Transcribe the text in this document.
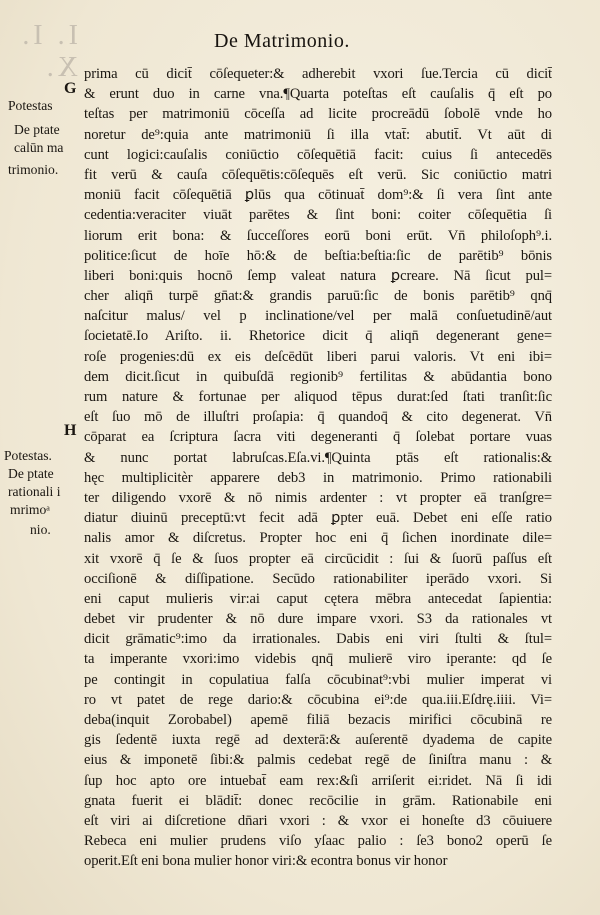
I. I. X.
De Matrimonio.
G
H
Potestas
De ptate
calūn ma
trimonio.
Potestas.
De ptate
rationali i
mrimoᵃ
nio.
prima cū dicit̄ cōſequeter:& adherebit vxori ſue.Tercia cū dicit̄
& erunt duo in carne vna.¶Quarta poteſtas eſt cauſalis q̄ eſt po
teſtas per matrimoniū cōceſſa ad licite procreādū ſobolē vnde ho
noretur de⁹:quia ante matrimoniū ſi illa vtat̄: abutit̄. Vt aūt di
cunt logici:cauſalis coniūctio cōſequētiā facit: cuius ſi antecedēs
fit verū & cauſa cōſequētis:cōſequēs eſt verū. Sic coniūctio matri
moniū facit cōſequētiā ꝑlūs qua cōtinuat̄ dom⁹:& ſi vera ſint ante
cedentia:veraciter viuāt parētes & ſint boni: coiter cōſequētia ſi
liorum erit bona: & ſucceſſores eorū boni erūt. Vn̄ philoſoph⁹.i.
politice:ſicut de hoīe hō:& de beſtia:beſtia:ſic de parētib⁹ bōnis
liberi boni:quis hocnō ſemp valeat natura ꝑcreare. Nā ſicut pul=
cher aliqn̄ turpē gn̄at:& grandis paruū:ſic de bonis parētib⁹ qnq̄
naſcitur malus/ vel p inclinatione/vel per malā conſuetudinē/aut
ſocietatē.Io Ariſto. ii. Rhetorice dicit q̄ aliqn̄ degenerant gene=
roſe progenies:dū ex eis deſcēdūt liberi parui valoris. Vt eni ibi=
dem dicit.ſicut in quibuſdā regionib⁹ fertilitas & abūdantia bono
rum nature & fortunae per aliquod tēpus durat:ſed ſtati tranſit:ſic
eſt ſuo mō de illuſtri proſapia: q̄ quandoq̄ & cito degenerat. Vn̄
cōparat ea ſcriptura ſacra viti degeneranti q̄ ſolebat portare vuas
& nunc portat labruſcas.Eſa.vi.¶Quinta ptās eſt rationalis:&
hęc multiplicitèr apparere deb3 in matrimonio. Primo rationabili
ter diligendo vxorē & nō nimis ardenter : vt propter eā tranſgre=
diatur diuinū preceptū:vt fecit adā ꝑpter euā. Debet eni eſſe ratio
nalis amor & diſcretus. Propter hoc eni q̄ ſichen inordinate dile=
xit vxorē q̄ ſe & ſuos propter eā circūcidit : ſui & ſuorū paſſus eſt
occiſionē & diſſipatione. Secūdo rationabiliter iperādo vxori. Si
eni caput mulieris vir:ai caput cętera mēbra antecedat ſapientia:
debet vir prudenter & nō dure impare vxori. S3 da rationales vt
dicit grāmatic⁹:imo da irrationales. Dabis eni viri ſtulti & ſtul=
ta imperante vxori:imo videbis qnq̄ mulierē viro iperante: qd ſe
pe contingit in copulatiua falſa cōcubinat⁹:vbi mulier imperat vi
ro vt patet de rege dario:& cōcubina ei⁹:de qua.iii.Eſdrę.iiii. Vi=
deba(inquit Zorobabel) apemē filiā bezacis mirifici cōcubinā re
gis ſedentē iuxta regē ad dexterā:& auſerentē dyadema de capite
eius & imponetē ſibi:& palmis cedebat regē de ſiniſtra manu : &
ſup hoc apto ore intuebat̄ eam rex:&ſi arriſerit ei:ridet. Nā ſi idi
gnata fuerit ei blādit̄: donec recōcilie in grām. Rationabile eni
eſt viri ai diſcretione dn̄ari vxori : & vxor ei honeſte d3 cōuiuere
Rebeca eni mulier prudens viſo yſaac palio : ſe3 bono2 operū ſe
operit.Eſt eni bona mulier honor viri:& econtra bonus vir honor
